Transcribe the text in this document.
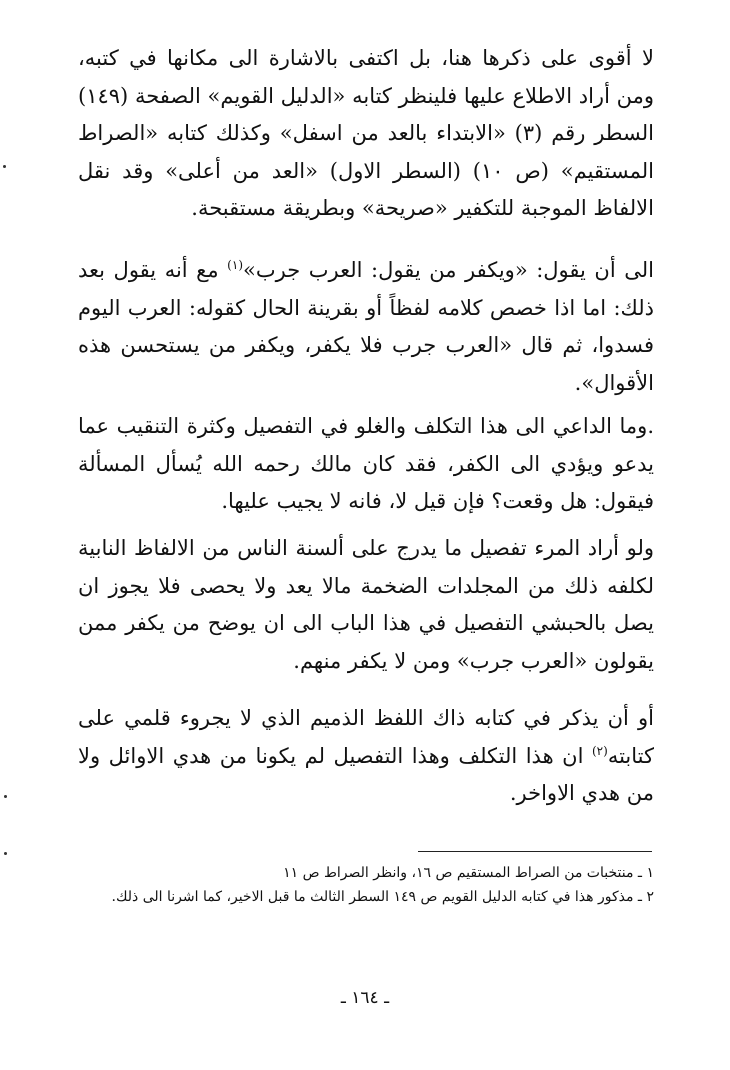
لا أقوى على ذكرها هنا، بل اكتفى بالاشارة الى مكانها في كتبه، ومن أراد الاطلاع عليها فلينظر كتابه «الدليل القويم» الصفحة (١٤٩) السطر رقم (٣) «الابتداء بالعد من اسفل» وكذلك كتابه «الصراط المستقيم» (ص ١٠) (السطر الاول) «العد من أعلى» وقد نقل الالفاظ الموجبة للتكفير «صريحة» وبطريقة مستقبحة.

الى أن يقول: «ويكفر من يقول: العرب جرب»$^{(١)}$ مع أنه يقول بعد ذلك: اما اذا خصص كلامه لفظاً أو بقرينة الحال كقوله: العرب اليوم فسدوا، ثم قال «العرب جرب فلا يكفر، ويكفر من يستحسن هذه الأقوال».

.وما الداعي الى هذا التكلف والغلو في التفصيل وكثرة التنقيب عما يدعو ويؤدي الى الكفر، فقد كان مالك رحمه الله يُسأل المسألة فيقول: هل وقعت؟ فإن قيل لا، فانه لا يجيب عليها.

ولو أراد المرء تفصيل ما يدرج على ألسنة الناس من الالفاظ النابية لكلفه ذلك من المجلدات الضخمة مالا يعد ولا يحصى فلا يجوز ان يصل بالحبشي التفصيل في هذا الباب الى ان يوضح من يكفر ممن يقولون «العرب جرب» ومن لا يكفر منهم.

أو أن يذكر في كتابه ذاك اللفظ الذميم الذي لا يجروء قلمي على كتابته$^{(٢)}$ ان هذا التكلف وهذا التفصيل لم يكونا من هدي الاوائل ولا من هدي الاواخر.

١ ـ منتخبات من الصراط المستقيم ص ١٦، وانظر الصراط ص ١١

٢ ـ مذكور هذا في كتابه الدليل القويم ص ١٤٩ السطر الثالث ما قبل الاخير، كما اشرنا الى ذلك.

ـ ١٦٤ ـ
